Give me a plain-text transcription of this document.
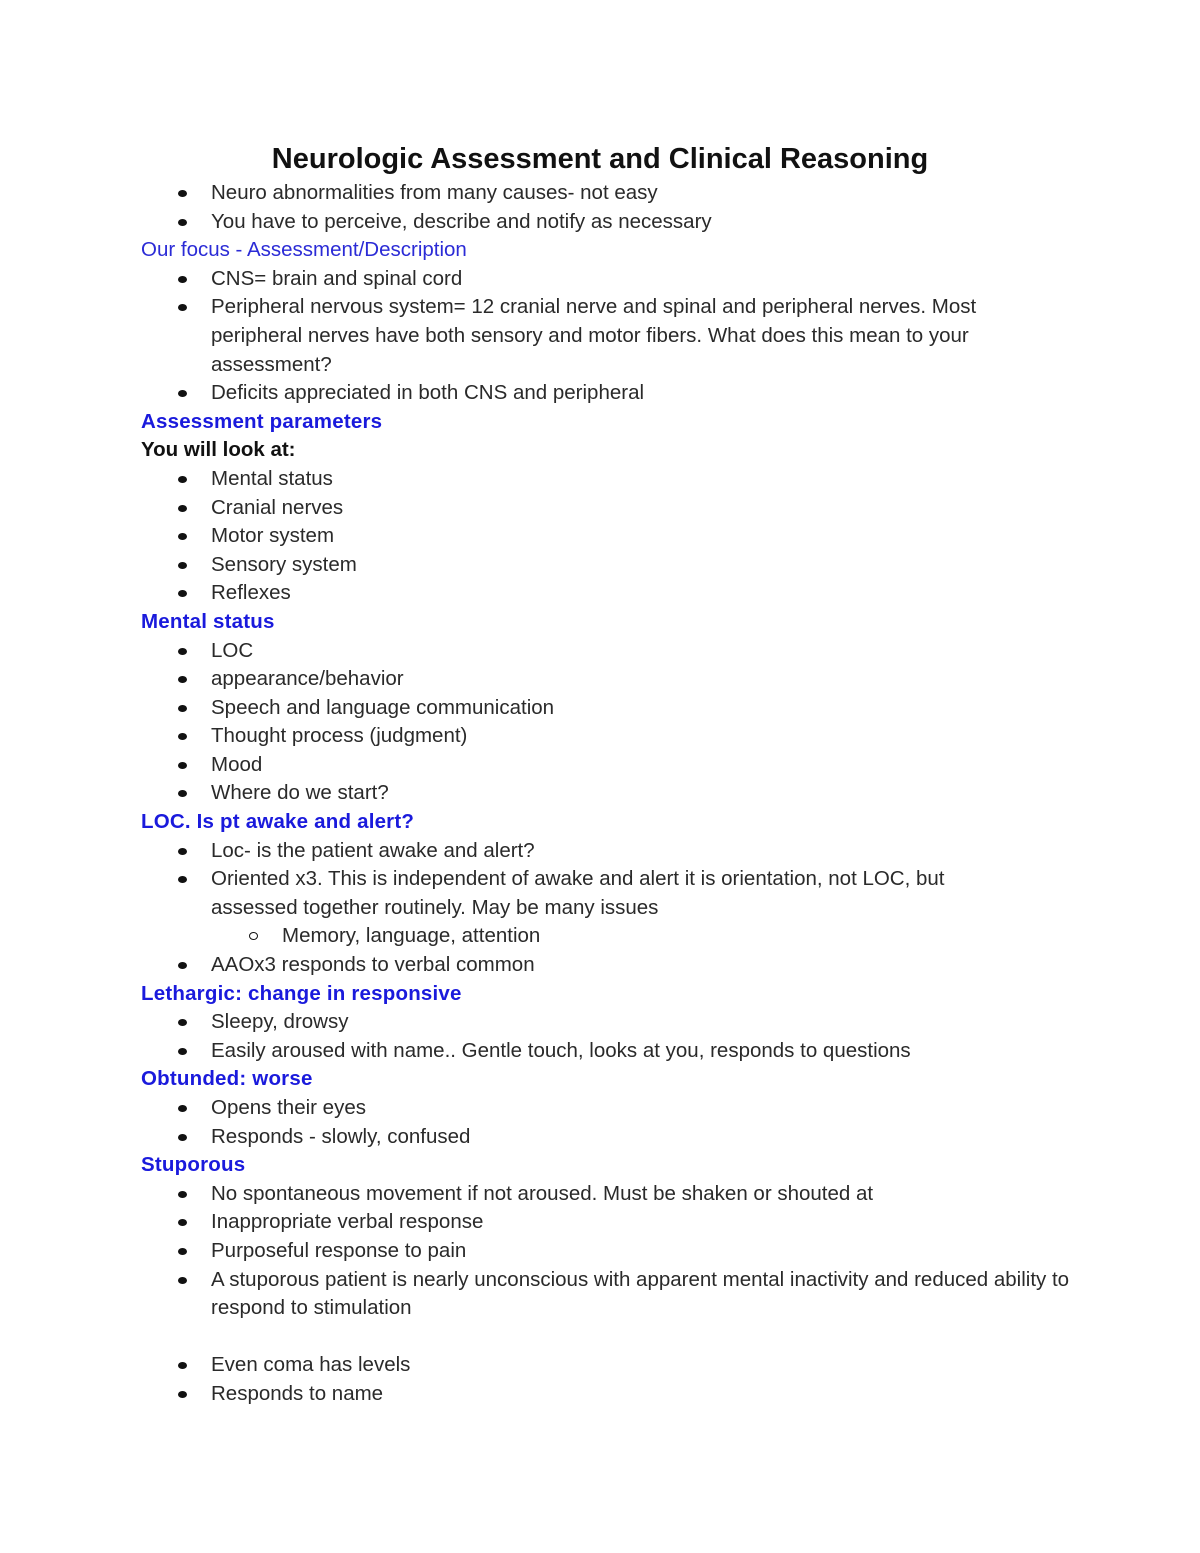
Neurologic Assessment and Clinical Reasoning
Neuro abnormalities from many causes- not easy
You have to perceive, describe and notify as necessary
Our focus - Assessment/Description
CNS= brain and spinal cord
Peripheral nervous system= 12 cranial nerve and spinal and peripheral nerves. Most peripheral nerves have both sensory and motor fibers. What does this mean to your assessment?
Deficits appreciated in both CNS and peripheral
Assessment parameters
You will look at:
Mental status
Cranial nerves
Motor system
Sensory system
Reflexes
Mental status
LOC
appearance/behavior
Speech and language communication
Thought process (judgment)
Mood
Where do we start?
LOC. Is pt awake and alert?
Loc- is the patient awake and alert?
Oriented x3. This is independent of awake and alert it is orientation, not LOC, but assessed together routinely. May be many issues
Memory, language, attention
AAOx3 responds to verbal common
Lethargic: change in responsive
Sleepy, drowsy
Easily aroused with name.. Gentle touch, looks at you, responds to questions
Obtunded: worse
Opens their eyes
Responds - slowly, confused
Stuporous
No spontaneous movement if not aroused. Must be shaken or shouted at
Inappropriate verbal response
Purposeful response to pain
A stuporous patient is nearly unconscious with apparent mental inactivity and reduced ability to respond to stimulation
Even coma has levels
Responds to name
